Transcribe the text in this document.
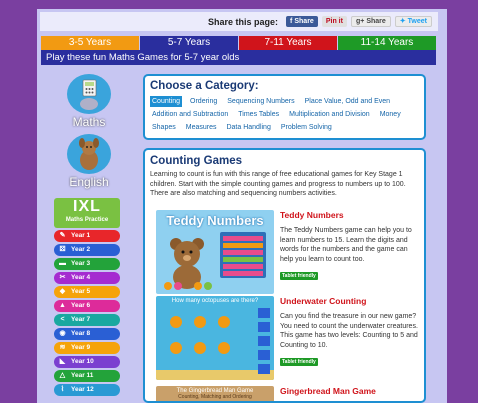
Share this page: f Share Pin it g+ Share ✦ Tweet
3-5 Years	5-7 Years	7-11 Years	11-14 Years
Play these fun Maths Games for 5-7 year olds
Maths
English
IXL
Maths Practice
✎ Year 1
⚄ Year 2
▬ Year 3
✂ Year 4
◆ Year 5
▲ Year 6
< Year 7
◉ Year 8
≋ Year 9
◣ Year 10
△ Year 11
⌇	Year 12
Choose a Category:
Counting Ordering Sequencing Numbers Place Value, Odd and Even
Addition and Subtraction Times Tables Multiplication and Division Money
Shapes Measures Data Handling Problem Solving
Counting Games
Learning to count is fun with this range of free educational games for Key Stage 1 children. Start with the simple counting games and progress to numbers up to 100. There are also matching and sequencing numbers activities.
Teddy Numbers	Teddy Numbers
The Teddy Numbers game can help you to learn numbers to 15. Learn the digits and words for the numbers and the game can help you learn to count too.
Tablet friendly
How many octopuses are there?	Underwater Counting
Can you find the treasure in our new game? You need to count the underwater creatures. This game has two levels: Counting to 5 and Counting to 10.
Tablet friendly
The Gingerbread Man Game
Counting, Matching and Ordering
Gingerbread Man Game
